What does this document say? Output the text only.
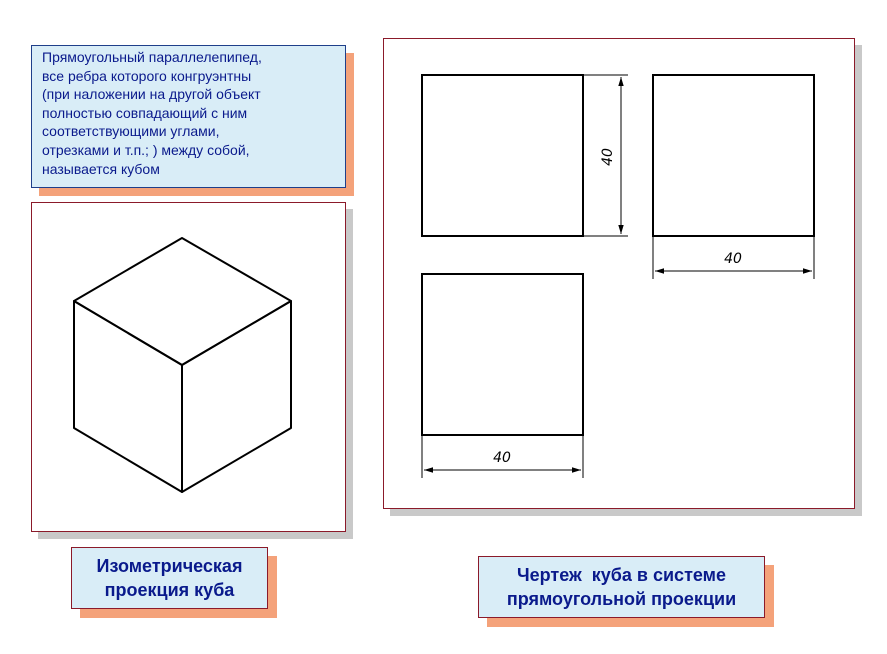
Прямоугольный параллелепипед,

все ребра которого конгруэнтны

(при наложении на другой объект

полностью совпадающий с ним

соответствующими углами,

отрезками и т.п.; ) между собой,

называется кубом

40
40
40
Изометрическая
проекция куба
Чертеж  куба в системе
прямоугольной проекции
